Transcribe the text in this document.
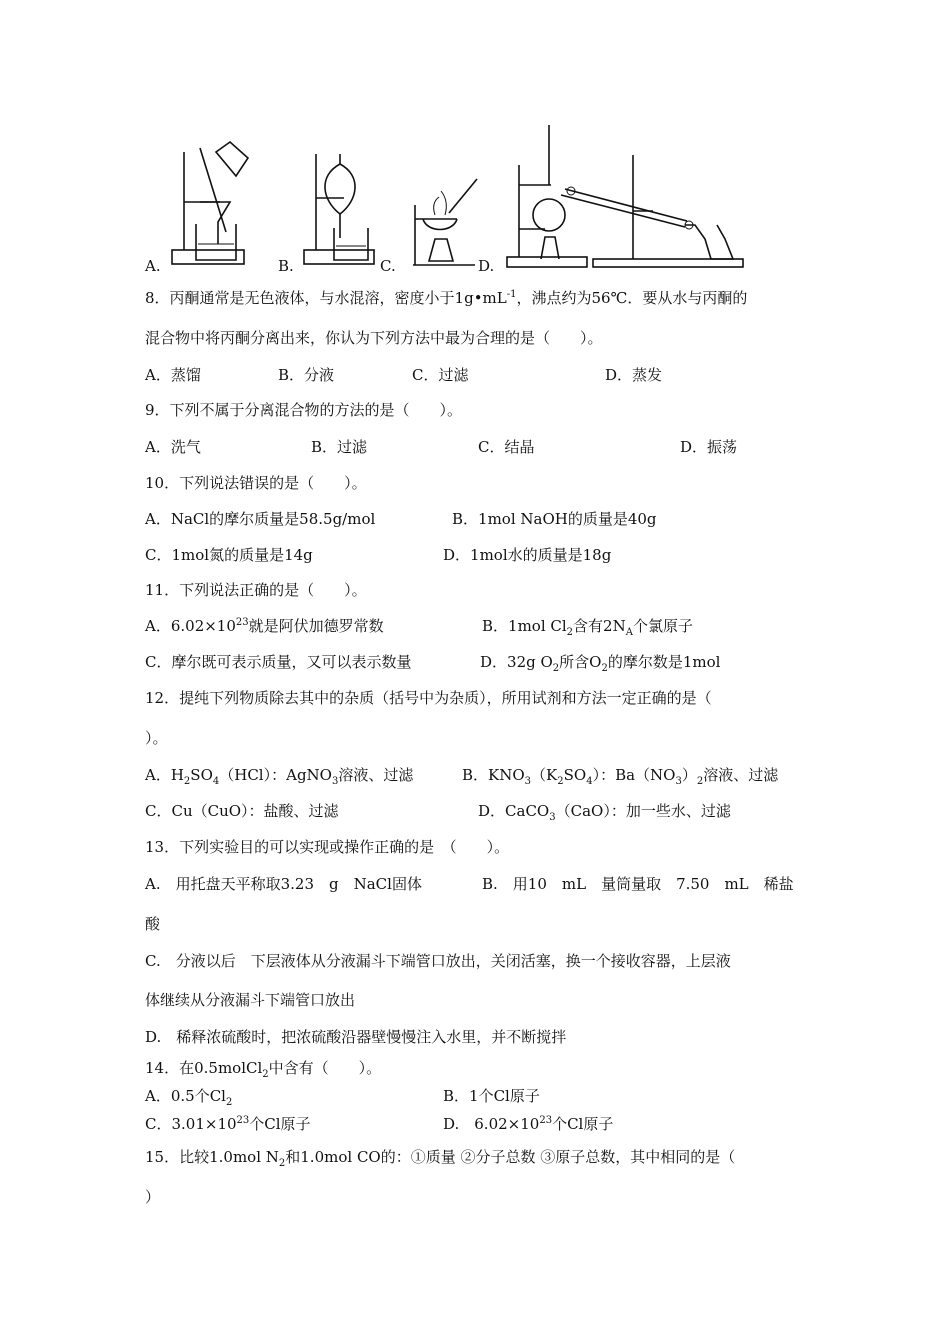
A.	B.	C.	D.
8．丙酮通常是无色液体，与水混溶，密度小于$1g•mL^{-1}$，沸点约为56℃．要从水与丙酮的
混合物中将丙酮分离出来，你认为下列方法中最为合理的是（　　）。
A．蒸馏	B．分液	C．过滤	D．蒸发
9．下列不属于分离混合物的方法的是（　　）。
A．洗气	B．过滤	C．结晶	D．振荡
10．下列说法错误的是（　　）。
A．NaCl的摩尔质量是58.5g/mol	B．1mol NaOH的质量是40g
C．1mol氮的质量是14g	D．1mol水的质量是18g
11．下列说法正确的是（　　）。
A．$6.02\times 10^{23}$就是阿伏加德罗常数	B．1mol $Cl_2$含有$2N_A$个氯原子
C．摩尔既可表示质量，又可以表示数量	D．32g $O_2$所含$O_2$的摩尔数是1mol
12．提纯下列物质除去其中的杂质（括号中为杂质），所用试剂和方法一定正确的是（
）。
A．$H_2SO_4(HCl)$：AgNO$_3$溶液、过滤	B．$KNO_3(K_2SO_4)$：$Ba(NO_3)_2$溶液、过滤
C．Cu（CuO）：盐酸、过滤	D．CaCO$_3$（CaO）：加一些水、过滤
13．下列实验目的可以实现或操作正确的是　（　　）。
A.　用托盘天平称取3.23　g　NaCl固体	B.　用10　mL　量筒量取　7.50　mL　稀盐
酸
C.　分液以后　下层液体从分液漏斗下端管口放出，关闭活塞，换一个接收容器，上层液
体继续从分液漏斗下端管口放出
D.　稀释浓硫酸时，把浓硫酸沿器壁慢慢注入水里，并不断搅拌
14．在0.5molCl$_2$中含有（　　）。
A．0.5个$Cl_2$	B．1个Cl原子
C．$3.01\times 10^{23}$个Cl原子	D.　$6.02\times 10^{23}$个Cl原子
15．比较1.0mol $N_2$和1.0mol CO的：①质量 ②分子总数 ③原子总数，其中相同的是（
）
